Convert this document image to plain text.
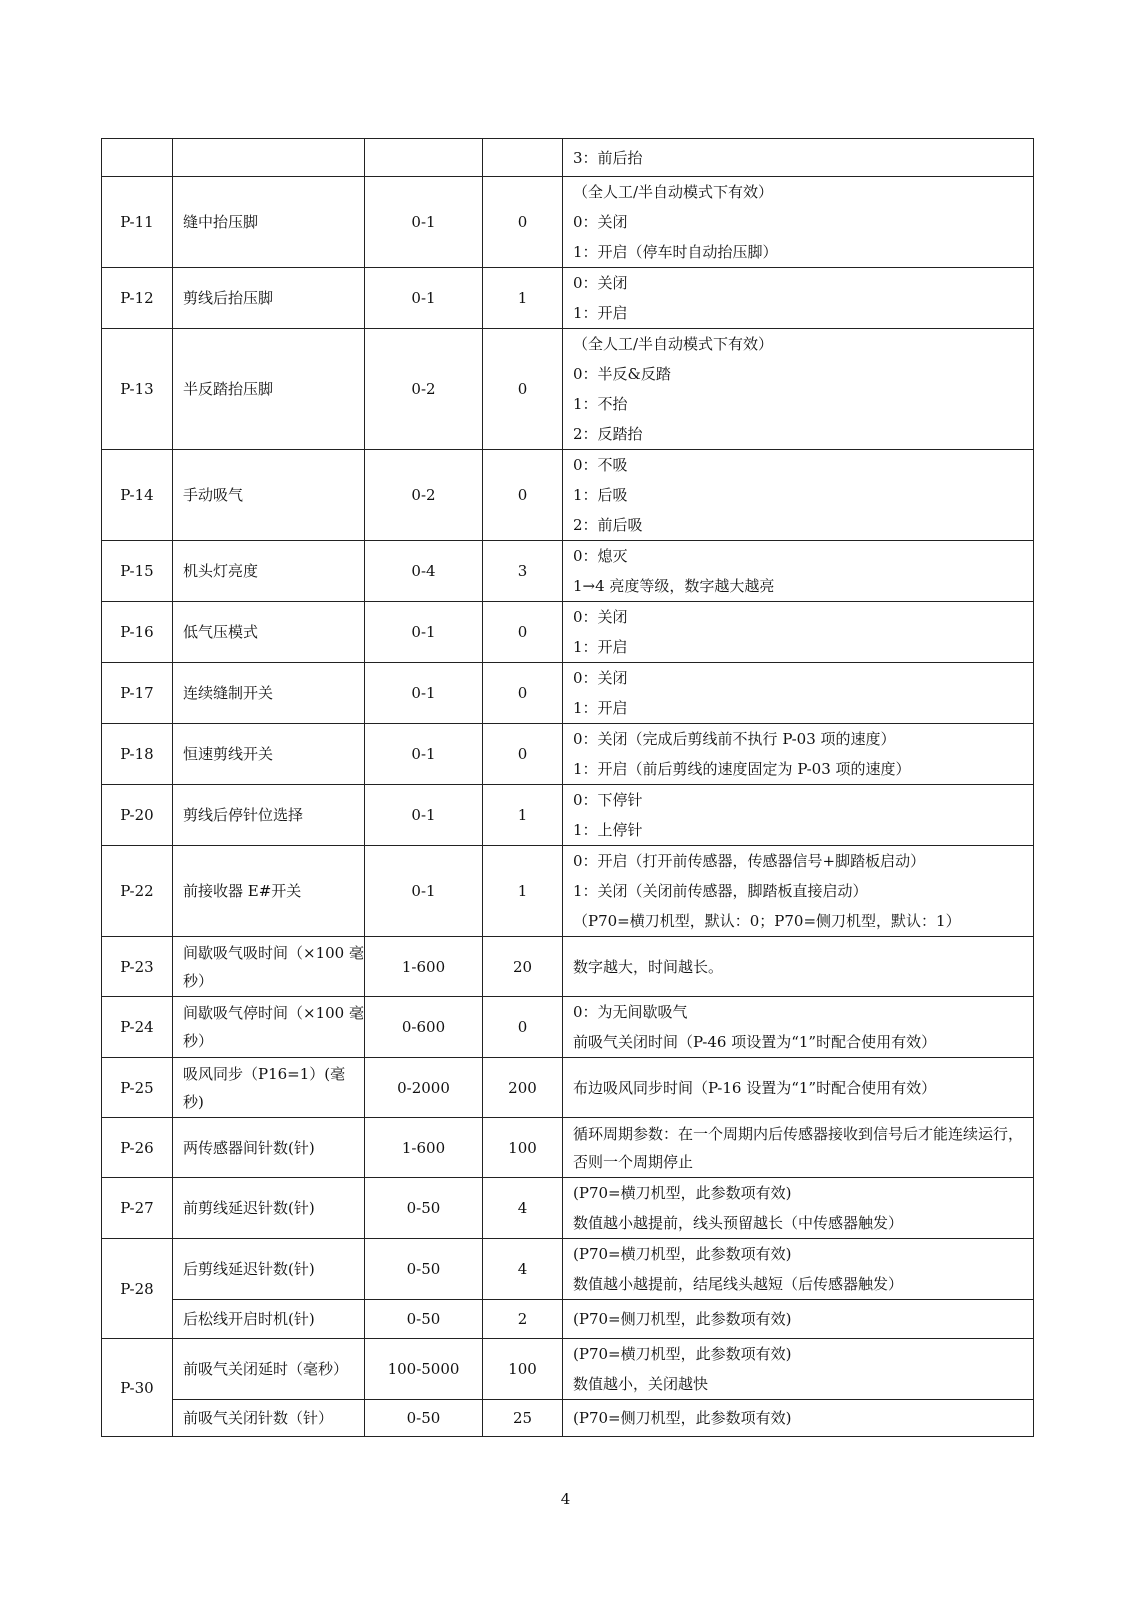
				3：前后抬

P-11	缝中抬压脚	0-1	0	（全人工/半自动模式下有效）
0：关闭
1：开启（停车时自动抬压脚）

P-12	剪线后抬压脚	0-1	1	0：关闭
1：开启

P-13	半反踏抬压脚	0-2	0	（全人工/半自动模式下有效）
0：半反&反踏
1：不抬
2：反踏抬

P-14	手动吸气	0-2	0	0：不吸
1：后吸
2：前后吸

P-15	机头灯亮度	0-4	3	0：熄灭
1→4 亮度等级，数字越大越亮

P-16	低气压模式	0-1	0	0：关闭
1：开启

P-17	连续缝制开关	0-1	0	0：关闭
1：开启

P-18	恒速剪线开关	0-1	0	0：关闭（完成后剪线前不执行 P-03 项的速度）
1：开启（前后剪线的速度固定为 P-03 项的速度）

P-20	剪线后停针位选择	0-1	1	0：下停针
1：上停针

P-22	前接收器 E#开关	0-1	1	0：开启（打开前传感器，传感器信号+脚踏板启动）
1：关闭（关闭前传感器，脚踏板直接启动）
（P70=横刀机型，默认：0；P70=侧刀机型，默认：1）

P-23	间歇吸气吸时间（×100 毫秒）	1-600	20	数字越大，时间越长。
P-24	间歇吸气停时间（×100 毫秒）	0-600	0	0：为无间歇吸气
前吸气关闭时间（P-46 项设置为“1”时配合使用有效）

P-25	吸风同步（P16=1）(毫秒)	0-2000	200	布边吸风同步时间（P-16 设置为“1”时配合使用有效）
P-26	两传感器间针数(针)	1-600	100	循环周期参数：在一个周期内后传感器接收到信号后才能连续运行，否则一个周期停止
P-27	前剪线延迟针数(针)	0-50	4	(P70=横刀机型，此参数项有效)
数值越小越提前，线头预留越长（中传感器触发）

P-28	后剪线延迟针数(针)	0-50	4	(P70=横刀机型，此参数项有效)
数值越小越提前，结尾线头越短（后传感器触发）

	后松线开启时机(针)	0-50	2	(P70=侧刀机型，此参数项有效)
P-30	前吸气关闭延时（毫秒）	100-5000	100	(P70=横刀机型，此参数项有效)
数值越小，关闭越快

	前吸气关闭针数（针）	0-50	25	(P70=侧刀机型，此参数项有效)
4
